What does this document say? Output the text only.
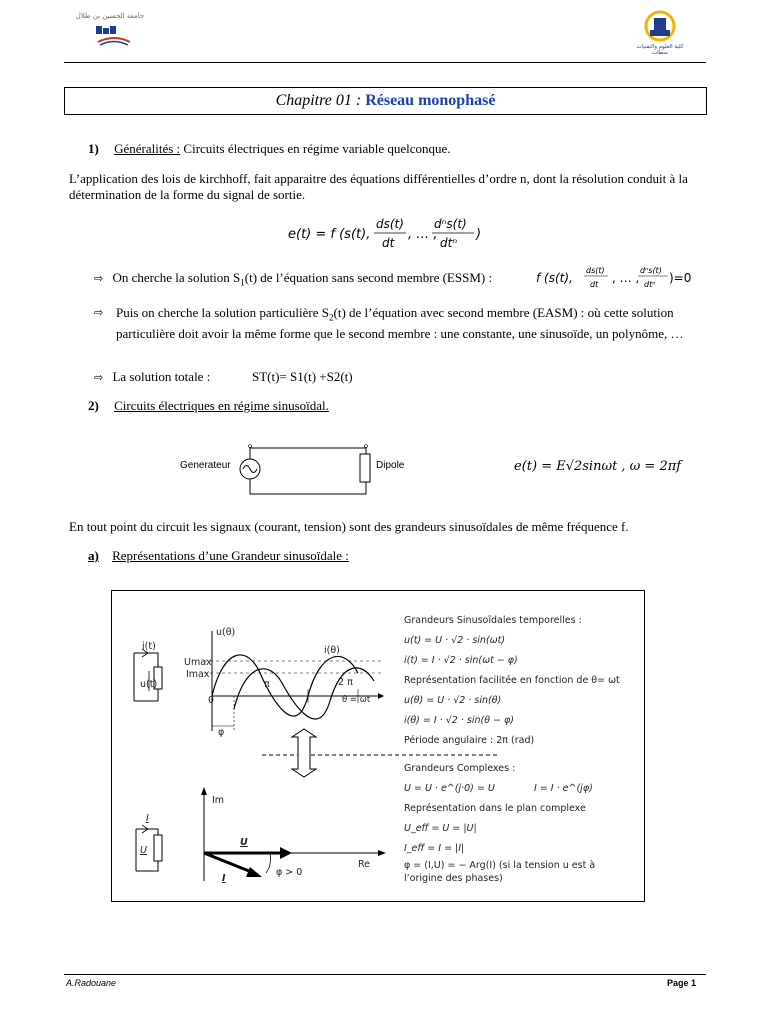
جامعة الحسين بن طلال
كلية العلوم والتقنيات سطات
Chapitre 01 : Réseau monophasé
1) Généralités : Circuits électriques en régime variable quelconque.
L’application des lois de kirchhoff, fait apparaitre des équations différentielles d’ordre n, dont la résolution conduit à la détermination de la forme du signal de sortie.
e(t) = f (s(t),
ds(t)
dt
, … ,
dⁿs(t)
dtⁿ
)
⇨ On cherche la solution $S_1(t)$ de l’équation sans second membre (ESSM) :	f (s(t),
ds(t)
dt , … ,
dⁿs(t)
dtⁿ )=0
⇨ Puis on cherche la solution particulière $S_2(t)$ de l’équation avec second membre (EASM) : où cette solution particulière doit avoir la même forme que le second membre : une constante, une sinusoïde, un polynôme, …
⇨ La solution totale :	ST(t)= S1(t) +S2(t)
2) Circuits électriques en régime sinusoïdal.
Generateur	Dipole	e(t) = E√2sinωt , ω = 2πf
En tout point du circuit les signaux (courant, tension) sont des grandeurs sinusoïdales de même fréquence f.
a) Représentations d’une Grandeur sinusoïdale :
i(t)
u(t)
u(θ)
i(θ)
Umax
Imax
0
π	2 π
θ = ωt
φ
Im
Re
U
I
φ > 0
I
U
Grandeurs Sinusoïdales temporelles :
u(t) = U · √2 · sin(ωt)
i(t) = I · √2 · sin(ωt − φ)
Représentation facilitée en fonction de θ= ωt
u(θ) = U · √2 · sin(θ)
i(θ) = I · √2 · sin(θ − φ)
Période angulaire : 2π (rad)
Grandeurs Complexes :
U = U · e^(j·0) = U	I = I · e^(jφ)
Représentation dans le plan complexe
U_eff = U = |U|
I_eff = I = |I|
φ = (I,U) = − Arg(I) (si la tension u est à
l’origine des phases)
A.Radouane	Page 1
